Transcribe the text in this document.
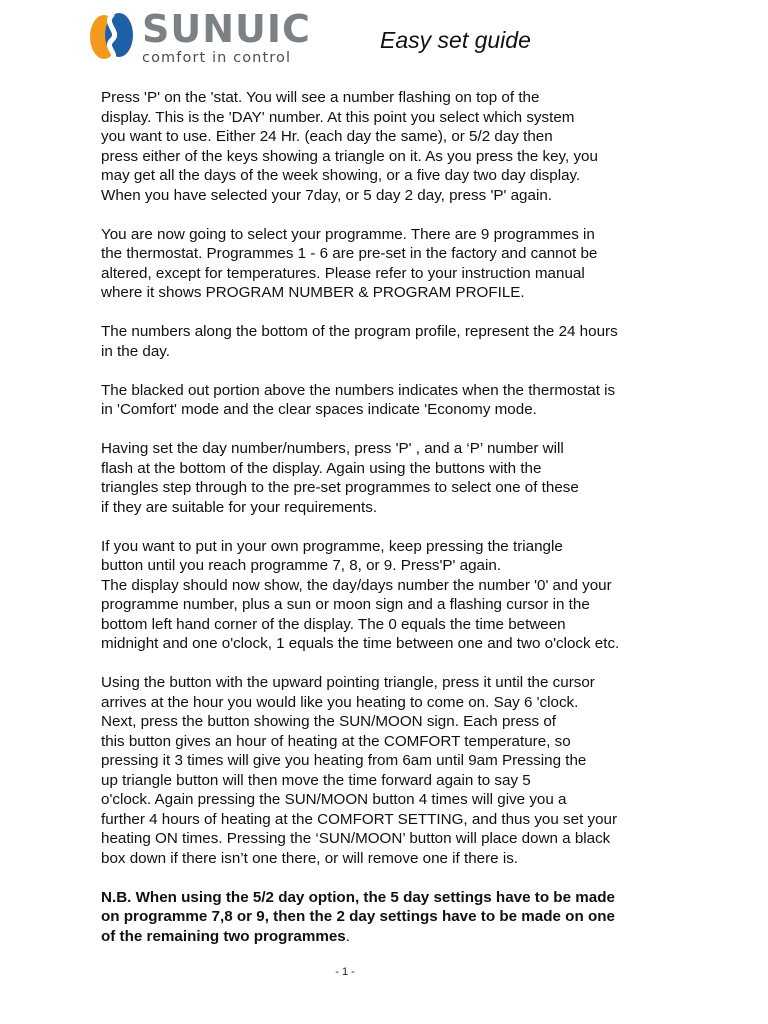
SUNUIC
comfort in control
Easy set guide

Press 'P' on the 'stat. You will see a number flashing on top of the
display. This is the 'DAY' number. At this point you select which system
you want to use. Either 24 Hr. (each day the same), or 5/2 day then
press either of the keys showing a triangle on it. As you press the key, you
may get all the days of the week showing, or a five day two day display.
When you have selected your 7day, or 5 day 2 day, press 'P' again.

You are now going to select your programme. There are 9 programmes in
the thermostat. Programmes 1 - 6 are pre-set in the factory and cannot be
altered, except for temperatures. Please refer to your instruction manual
where it shows PROGRAM NUMBER & PROGRAM PROFILE.

The numbers along the bottom of the program profile, represent the 24 hours
in the day.

The blacked out portion above the numbers indicates when the thermostat is
in 'Comfort' mode and the clear spaces indicate 'Economy mode.

Having set the day number/numbers, press 'P' , and a ‘P’ number will
flash at the bottom of the display. Again using the buttons with the
triangles step through to the pre-set programmes to select one of these
if they are suitable for your requirements.

If you want to put in your own programme, keep pressing the triangle
button until you reach programme 7, 8, or 9. Press'P' again.
The display should now show, the day/days number the number '0' and your
programme number, plus a sun or moon sign and a flashing cursor in the
bottom left hand corner of the display. The 0 equals the time between
midnight and one o'clock, 1 equals the time between one and two o'clock etc.

Using the button with the upward pointing triangle, press it until the cursor
arrives at the hour you would like you heating to come on. Say 6 'clock.
Next, press the button showing the SUN/MOON sign. Each press of
this button gives an hour of heating at the COMFORT temperature, so
pressing it 3 times will give you heating from 6am until 9am Pressing the
up triangle button will then move the time forward again to say 5
o'clock. Again pressing the SUN/MOON button 4 times will give you a
further 4 hours of heating at the COMFORT SETTING, and thus you set your
heating ON times. Pressing the ‘SUN/MOON’ button will place down a black
box down if there isn’t one there, or will remove one if there is.

N.B. When using the 5/2 day option, the 5 day settings have to be made
on programme 7,8 or 9, then the 2 day settings have to be made on one
of the remaining two programmes.

- 1 -
